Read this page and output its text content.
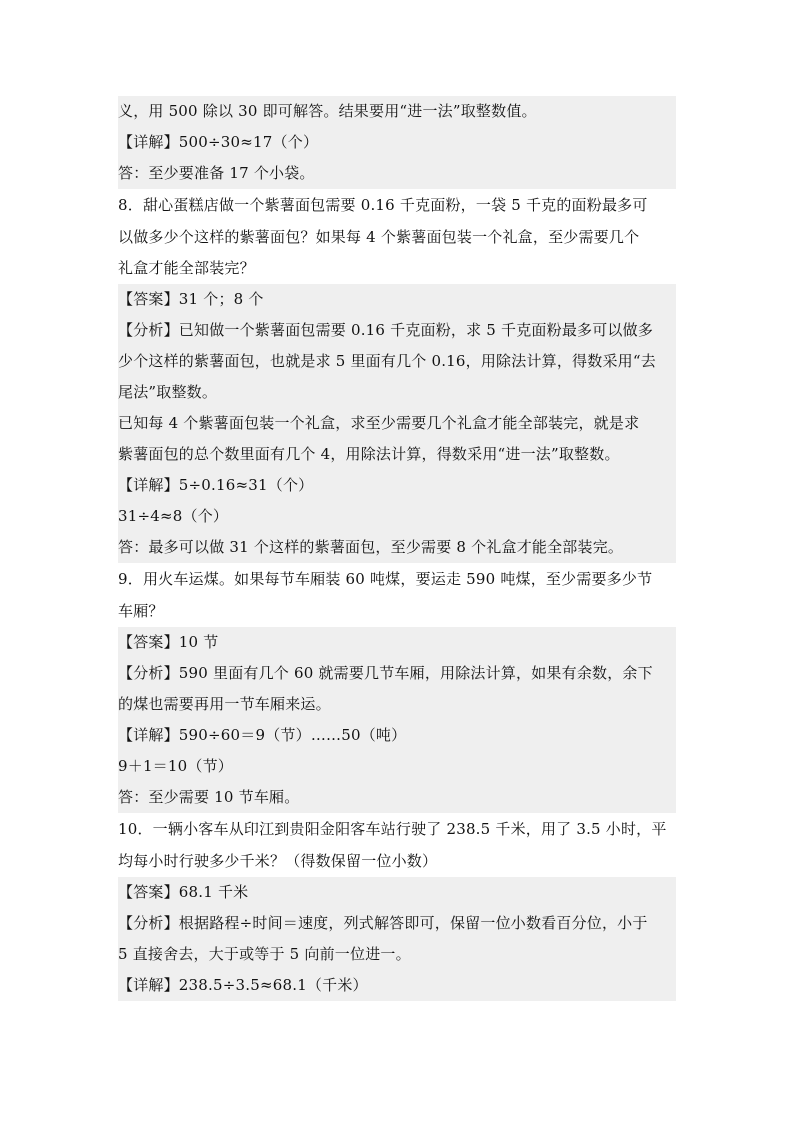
义，用 500 除以 30 即可解答。结果要用“进一法”取整数值。
【详解】500÷30≈17（个）
答：至少要准备 17 个小袋。
8．甜心蛋糕店做一个紫薯面包需要 0.16 千克面粉，一袋 5 千克的面粉最多可
以做多少个这样的紫薯面包？如果每 4 个紫薯面包装一个礼盒，至少需要几个
礼盒才能全部装完？
【答案】31 个；8 个
【分析】已知做一个紫薯面包需要 0.16 千克面粉，求 5 千克面粉最多可以做多
少个这样的紫薯面包，也就是求 5 里面有几个 0.16，用除法计算，得数采用“去
尾法”取整数。
已知每 4 个紫薯面包装一个礼盒，求至少需要几个礼盒才能全部装完，就是求
紫薯面包的总个数里面有几个 4，用除法计算，得数采用“进一法”取整数。
【详解】5÷0.16≈31（个）
31÷4≈8（个）
答：最多可以做 31 个这样的紫薯面包，至少需要 8 个礼盒才能全部装完。
9．用火车运煤。如果每节车厢装 60 吨煤，要运走 590 吨煤，至少需要多少节
车厢？
【答案】10 节
【分析】590 里面有几个 60 就需要几节车厢，用除法计算，如果有余数，余下
的煤也需要再用一节车厢来运。
【详解】590÷60＝9（节）……50（吨）
9＋1＝10（节）
答：至少需要 10 节车厢。
10．一辆小客车从印江到贵阳金阳客车站行驶了 238.5 千米，用了 3.5 小时，平
均每小时行驶多少千米？（得数保留一位小数）
【答案】68.1 千米
【分析】根据路程÷时间＝速度，列式解答即可，保留一位小数看百分位，小于
5 直接舍去，大于或等于 5 向前一位进一。
【详解】238.5÷3.5≈68.1（千米）
